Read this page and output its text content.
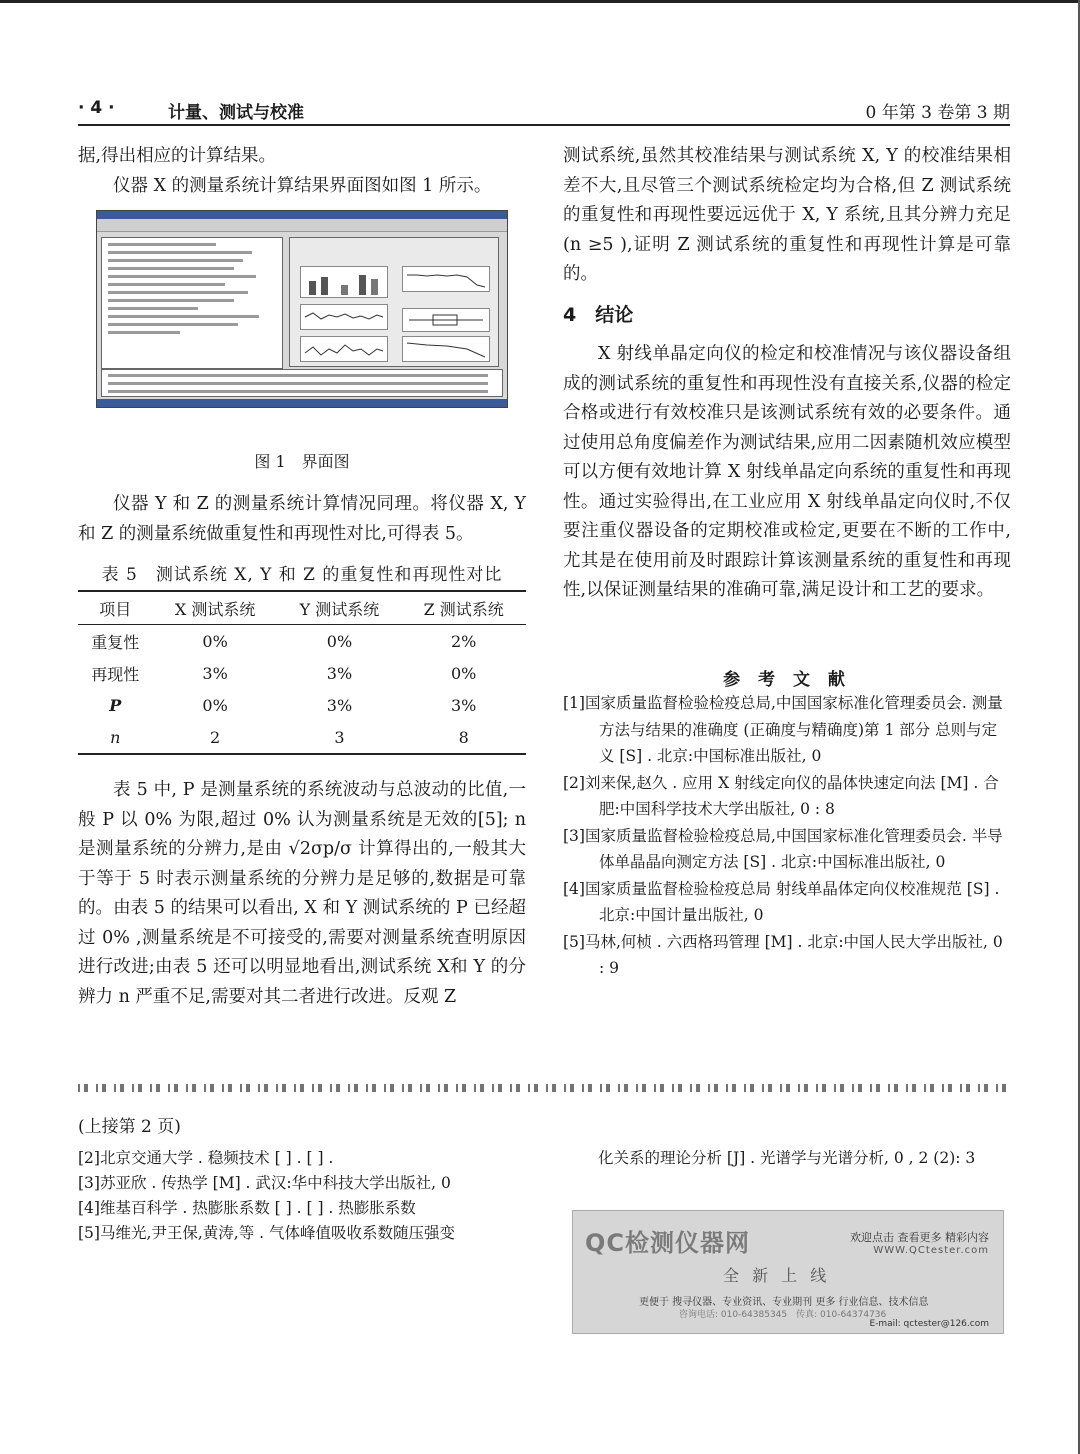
· 4 ·	计量、测试与校准	0 年第 3 卷第 3 期

据,得出相应的计算结果。

仪器 X 的测量系统计算结果界面图如图 1 所示。

图 1　界面图

仪器 Y 和 Z 的测量系统计算情况同理。将仪器 X, Y 和 Z 的测量系统做重复性和再现性对比,可得表 5。

表 5　测试系统 X, Y 和 Z 的重复性和再现性对比
项目	X 测试系统	Y 测试系统	Z 测试系统
重复性	0%	0%	2%
再现性	3%	3%	0%
P	0%	3%	3%
n	2	3	8

表 5 中, P 是测量系统的系统波动与总波动的比值,一般 P 以 0% 为限,超过 0% 认为测量系统是无效的[5]; n 是测量系统的分辨力,是由 √2σp/σ 计算得出的,一般其大于等于 5 时表示测量系统的分辨力是足够的,数据是可靠的。由表 5 的结果可以看出, X 和 Y 测试系统的 P 已经超过 0% ,测量系统是不可接受的,需要对测量系统查明原因进行改进;由表 5 还可以明显地看出,测试系统 X和 Y 的分辨力 n 严重不足,需要对其二者进行改进。反观 Z

测试系统,虽然其校准结果与测试系统 X, Y 的校准结果相差不大,且尽管三个测试系统检定均为合格,但 Z 测试系统的重复性和再现性要远远优于 X, Y 系统,且其分辨力充足 (n ≥5 ),证明 Z 测试系统的重复性和再现性计算是可靠的。

4　结论

X 射线单晶定向仪的检定和校准情况与该仪器设备组成的测试系统的重复性和再现性没有直接关系,仪器的检定合格或进行有效校准只是该测试系统有效的必要条件。通过使用总角度偏差作为测试结果,应用二因素随机效应模型可以方便有效地计算 X 射线单晶定向系统的重复性和再现性。通过实验得出,在工业应用 X 射线单晶定向仪时,不仅要注重仪器设备的定期校准或检定,更要在不断的工作中,尤其是在使用前及时跟踪计算该测量系统的重复性和再现性,以保证测量结果的准确可靠,满足设计和工艺的要求。

参 考 文 献
[1]国家质量监督检验检疫总局,中国国家标准化管理委员会. 测量方法与结果的准确度 (正确度与精确度)第 1 部分 总则与定义 [S] . 北京:中国标准出版社, 0
[2]刘来保,赵久 . 应用 X 射线定向仪的晶体快速定向法 [M] . 合肥:中国科学技术大学出版社, 0 : 8
[3]国家质量监督检验检疫总局,中国国家标准化管理委员会. 半导体单晶晶向测定方法 [S] . 北京:中国标准出版社, 0
[4]国家质量监督检验检疫总局 射线单晶体定向仪校准规范 [S] . 北京:中国计量出版社, 0
[5]马林,何桢 . 六西格玛管理 [M] . 北京:中国人民大学出版社, 0 : 9
(上接第 2 页)
[2]北京交通大学 . 稳频技术 [ ] . [ ] .
[3]苏亚欣 . 传热学 [M] . 武汉:华中科技大学出版社, 0
[4]维基百科学 . 热膨胀系数 [ ] . [ ] . 热膨胀系数
[5]马维光,尹王保,黄涛,等 . 气体峰值吸收系数随压强变
化关系的理论分析 [J] . 光谱学与光谱分析, 0 , 2 (2): 3
QC检测仪器网	欢迎点击 查看更多 精彩内容
WWW.QCtester.com
全 新 上 线
更便于 搜寻仪器、专业资讯、专业期刊 更多 行业信息、技术信息
咨询电话: 010-64385345　传真: 010-64374736
E-mail: qctester@126.com
